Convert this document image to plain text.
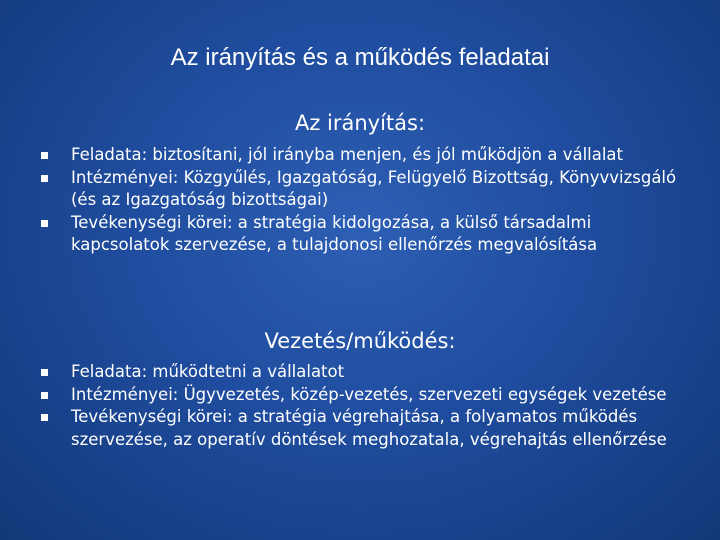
Az irányítás és a működés feladatai
Az irányítás:
Feladata: biztosítani, jól irányba menjen, és jól működjön a vállalat
Intézményei: Közgyűlés, Igazgatóság, Felügyelő Bizottság, Könyvvizsgáló (és az Igazgatóság bizottságai)
Tevékenységi körei: a stratégia kidolgozása, a külső társadalmi kapcsolatok szervezése, a tulajdonosi ellenőrzés megvalósítása
Vezetés/működés:
Feladata: működtetni a vállalatot
Intézményei: Ügyvezetés, közép-vezetés, szervezeti egységek vezetése
Tevékenységi körei: a stratégia végrehajtása, a folyamatos működés szervezése, az operatív döntések meghozatala, végrehajtás ellenőrzése
